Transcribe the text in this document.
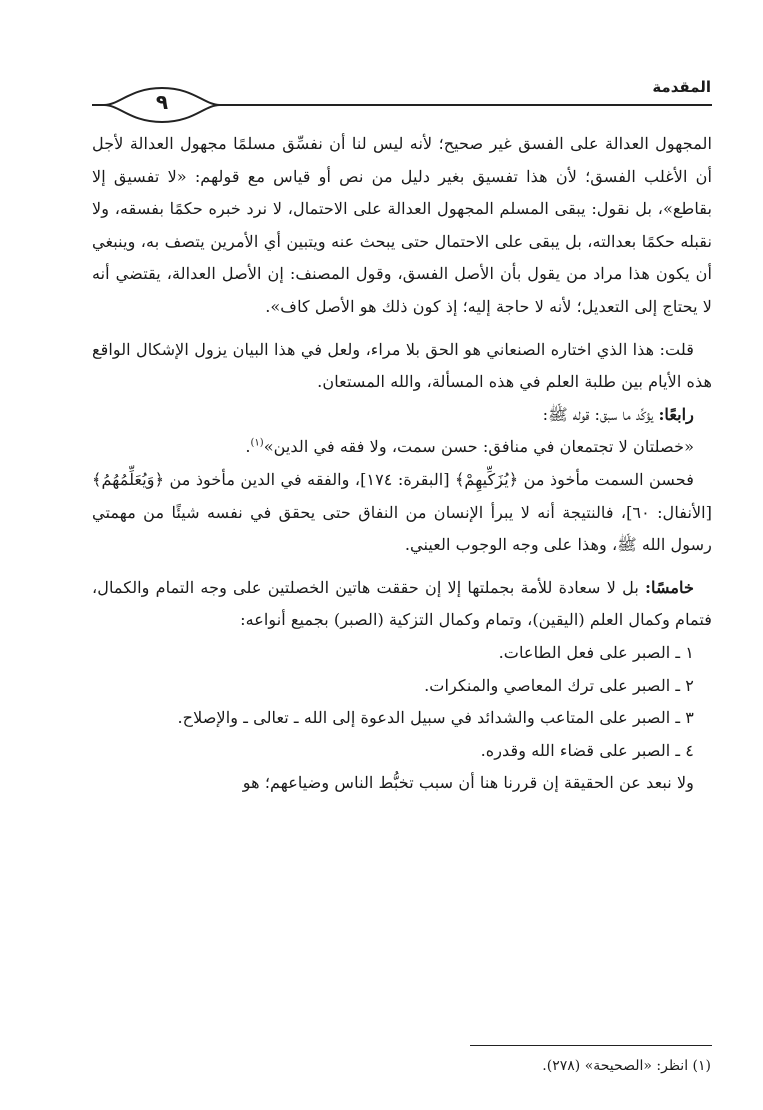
المقدمة
٩

المجهول العدالة على الفسق غير صحيح؛ لأنه ليس لنا أن نفسِّق مسلمًا مجهول العدالة لأجل أن الأغلب الفسق؛ لأن هذا تفسيق بغير دليل من نص أو قياس مع قولهم: «لا تفسيق إلا بقاطع»، بل نقول: يبقى المسلم المجهول العدالة على الاحتمال، لا نرد خبره حكمًا بفسقه، ولا نقبله حكمًا بعدالته، بل يبقى على الاحتمال حتى يبحث عنه ويتبين أي الأمرين يتصف به، وينبغي أن يكون هذا مراد من يقول بأن الأصل الفسق، وقول المصنف: إن الأصل العدالة، يقتضي أنه لا يحتاج إلى التعديل؛ لأنه لا حاجة إليه؛ إذ كون ذلك هو الأصل كاف».

قلت: هذا الذي اختاره الصنعاني هو الحق بلا مراء، ولعل في هذا البيان يزول الإشكال الواقع هذه الأيام بين طلبة العلم في هذه المسألة، والله المستعان.

رابعًا: يؤكِّد ما سبق: قوله ﷺ:

«خصلتان لا تجتمعان في منافق: حسن سمت، ولا فقه في الدين»$^{(١)}$.

فحسن السمت مأخوذ من ﴿يُزَكِّيهِمْ﴾ [البقرة: ١٧٤]، والفقه في الدين مأخوذ من ﴿وَيُعَلِّمُهُمُ﴾ [الأنفال: ٦٠]، فالنتيجة أنه لا يبرأ الإنسان من النفاق حتى يحقق في نفسه شيئًا من مهمتي رسول الله ﷺ، وهذا على وجه الوجوب العيني.

خامسًا: بل لا سعادة للأمة بجملتها إلا إن حققت هاتين الخصلتين على وجه التمام والكمال، فتمام وكمال العلم (اليقين)، وتمام وكمال التزكية (الصبر) بجميع أنواعه:

١ ـ الصبر على فعل الطاعات.

٢ ـ الصبر على ترك المعاصي والمنكرات.

٣ ـ الصبر على المتاعب والشدائد في سبيل الدعوة إلى الله ـ تعالى ـ والإصلاح.

٤ ـ الصبر على قضاء الله وقدره.

ولا نبعد عن الحقيقة إن قررنا هنا أن سبب تخبُّط الناس وضياعهم؛ هو

(١) انظر: «الصحيحة» (٢٧٨).
